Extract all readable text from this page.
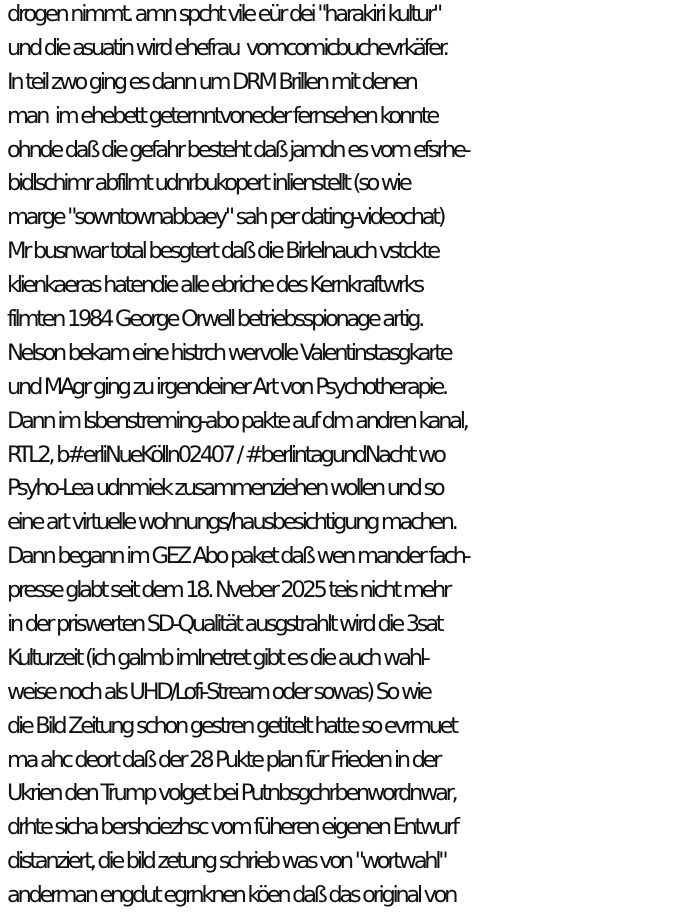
drogen nimmt. amn spcht vile eür dei "harakiri kultur"
und die asuatin wird ehefrau  vomcomicbuchevrkäfer.
In teil zwo ging es dann um DRM Brillen mit denen
man  im ehebett geternntvoneder fernsehen konnte
ohnde daß die gefahr besteht daß jamdn es vom efsrhe-
bidlschimr abfilmt udnrbukopert inlienstellt (so wie
marge "sowntownabbaey" sah per dating-videochat)
Mr busnwar total besgtert daß die Birlelnauch vstckte
klienkaeras hatendie alle ebriche des Kernkraftwrks
filmten 1984 George Orwell betriebsspionage artig.
Nelson bekam eine histrch wervolle Valentinstasgkarte
und MAgr ging zu irgendeiner Art von Psychotherapie.
Dann im lsbenstreming-abo pakte auf dm andren kanal,
RTL2, b#erliNueKölln02407 / #berlintagundNacht wo
Psyho-Lea udnmiek zusammenziehen wollen und so
eine art virtuelle wohnungs/hausbesichtigung machen.
Dann begann im GEZ Abo paket daß wen mander fach-
presse glabt seit dem 18. Nveber 2025 teis nicht mehr
in der priswerten SD-Qualität ausgstrahlt wird die 3sat
Kulturzeit (ich galmb imInetret gibt es die auch wahl-
weise noch als UHD/Lofi-Stream oder sowas) So wie
die Bild Zeitung schon gestren getitelt hatte so evrmuet
ma ahc deort daß der 28 Pukte plan für Frieden in der
Ukrien den Trump volget bei Putnbsgchrbenwordnwar,
drhte sicha bershciezhsc vom füheren eigenen Entwurf
distanziert, die bild zetung schrieb was von "wortwahl"
anderman engdut egrnknen köen daß das original von
